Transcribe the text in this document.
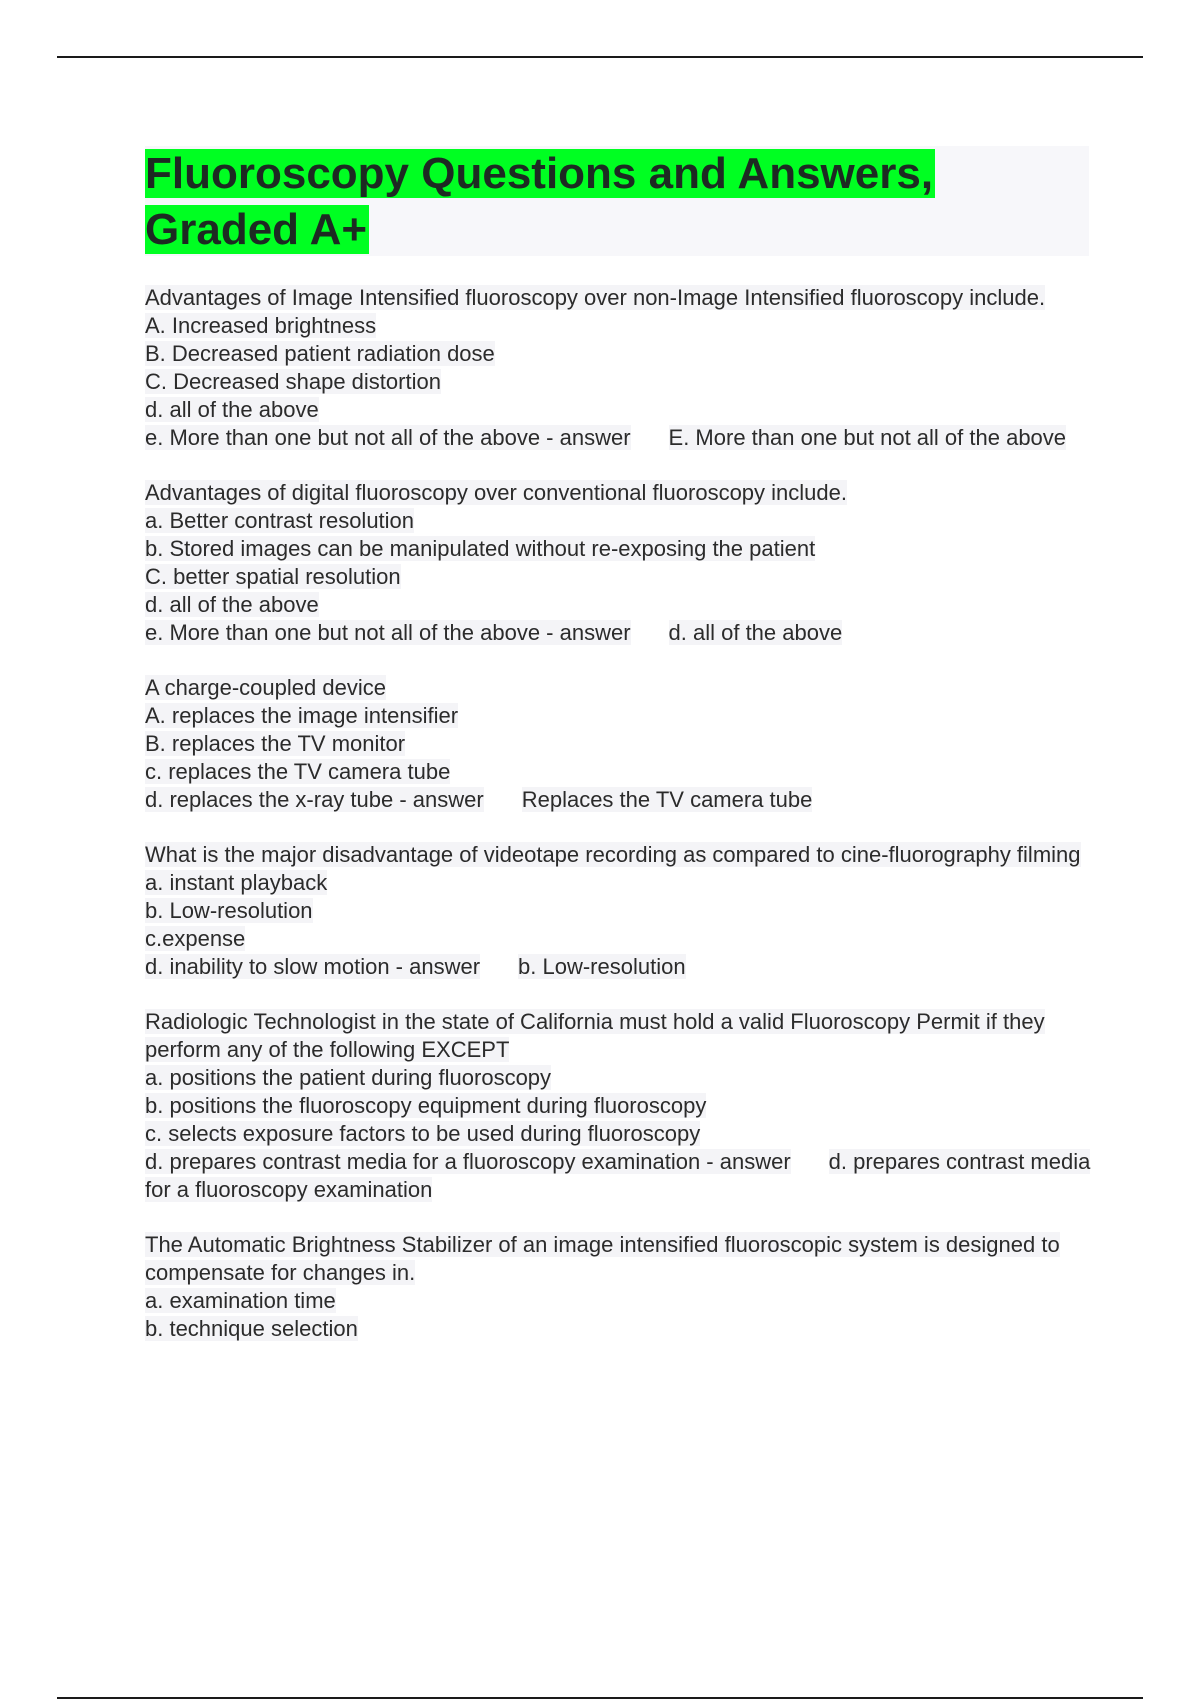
Fluoroscopy Questions and Answers, Graded A+

Advantages of Image Intensified fluoroscopy over non-Image Intensified fluoroscopy include.

A. Increased brightness

B. Decreased patient radiation dose

C. Decreased shape distortion

d. all of the above

e. More than one but not all of the above - answer E. More than one but not all of the above

Advantages of digital fluoroscopy over conventional fluoroscopy include.

a. Better contrast resolution

b. Stored images can be manipulated without re-exposing the patient

C. better spatial resolution

d. all of the above

e. More than one but not all of the above - answer d. all of the above

A charge-coupled device

A. replaces the image intensifier

B. replaces the TV monitor

c. replaces the TV camera tube

d. replaces the x-ray tube - answer Replaces the TV camera tube

What is the major disadvantage of videotape recording as compared to cine-fluorography filming

a. instant playback

b. Low-resolution

c.expense

d. inability to slow motion - answer b. Low-resolution

Radiologic Technologist in the state of California must hold a valid Fluoroscopy Permit if they perform any of the following EXCEPT

a. positions the patient during fluoroscopy

b. positions the fluoroscopy equipment during fluoroscopy

c. selects exposure factors to be used during fluoroscopy

d. prepares contrast media for a fluoroscopy examination - answer d. prepares contrast media for a fluoroscopy examination

The Automatic Brightness Stabilizer of an image intensified fluoroscopic system is designed to compensate for changes in.

a. examination time

b. technique selection
